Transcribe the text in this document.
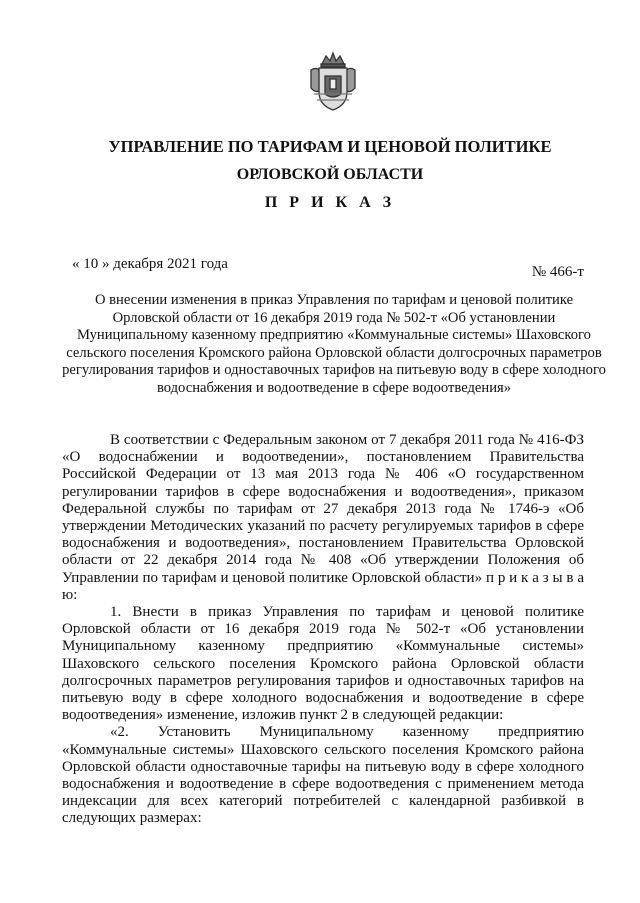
УПРАВЛЕНИЕ ПО ТАРИФАМ И ЦЕНОВОЙ ПОЛИТИКЕ
ОРЛОВСКОЙ ОБЛАСТИ
П Р И К А З
« 10 » декабря 2021 года	№ 466-т

О внесении изменения в приказ Управления по тарифам и ценовой политике Орловской области от 16 декабря 2019 года № 502-т «Об установлении Муниципальному казенному предприятию «Коммунальные системы» Шаховского сельского поселения Кромского района Орловской области долгосрочных параметров регулирования тарифов и одноставочных тарифов на питьевую воду в сфере холодного водоснабжения и водоотведение в сфере водоотведения»

В соответствии с Федеральным законом от 7 декабря 2011 года № 416-ФЗ «О водоснабжении и водоотведении», постановлением Правительства Российской Федерации от 13 мая 2013 года № 406 «О государственном регулировании тарифов в сфере водоснабжения и водоотведения», приказом Федеральной службы по тарифам от 27 декабря 2013 года № 1746-э «Об утверждении Методических указаний по расчету регулируемых тарифов в сфере водоснабжения и водоотведения», постановлением Правительства Орловской области от 22 декабря 2014 года № 408 «Об утверждении Положения об Управлении по тарифам и ценовой политике Орловской области» п р и к а з ы в а ю:

1. Внести в приказ Управления по тарифам и ценовой политике Орловской области от 16 декабря 2019 года № 502-т «Об установлении Муниципальному казенному предприятию «Коммунальные системы» Шаховского сельского поселения Кромского района Орловской области долгосрочных параметров регулирования тарифов и одноставочных тарифов на питьевую воду в сфере холодного водоснабжения и водоотведение в сфере водоотведения» изменение, изложив пункт 2 в следующей редакции:

«2. Установить Муниципальному казенному предприятию «Коммунальные системы» Шаховского сельского поселения Кромского района Орловской области одноставочные тарифы на питьевую воду в сфере холодного водоснабжения и водоотведение в сфере водоотведения с применением метода индексации для всех категорий потребителей с календарной разбивкой в следующих размерах:
